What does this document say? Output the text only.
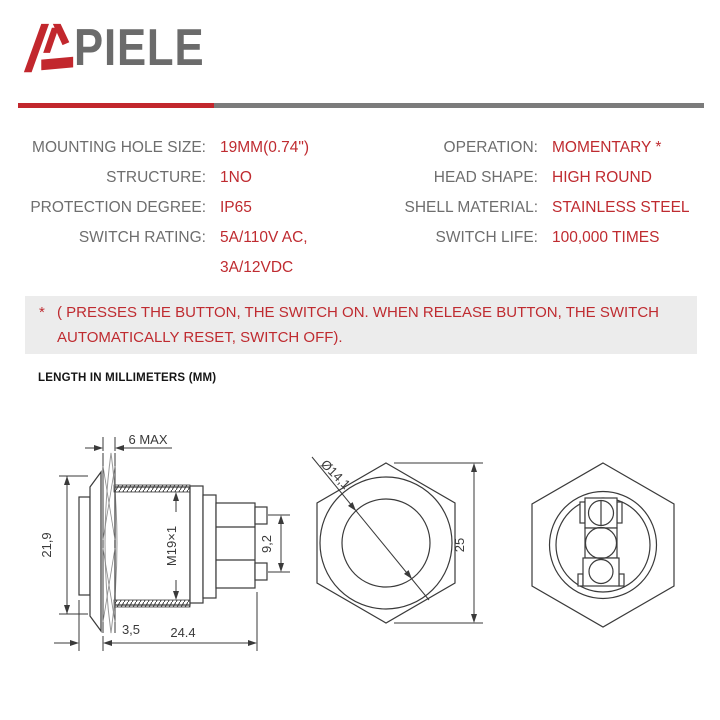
PIELE
MOUNTING HOLE SIZE: 19MM(0.74")
STRUCTURE: 1NO
PROTECTION DEGREE: IP65
SWITCH RATING: 5A/110V AC,
3A/12VDC
OPERATION: MOMENTARY *
HEAD SHAPE: HIGH ROUND
SHELL MATERIAL: STAINLESS STEEL
SWITCH LIFE: 100,000 TIMES
* ( PRESSES THE BUTTON, THE SWITCH ON. WHEN RELEASE BUTTON, THE SWITCH
AUTOMATICALLY RESET, SWITCH OFF).
LENGTH IN MILLIMETERS (MM)
6 MAX
21,9	M19×1	9,2
3,5 24.4
Ø14,1
25
